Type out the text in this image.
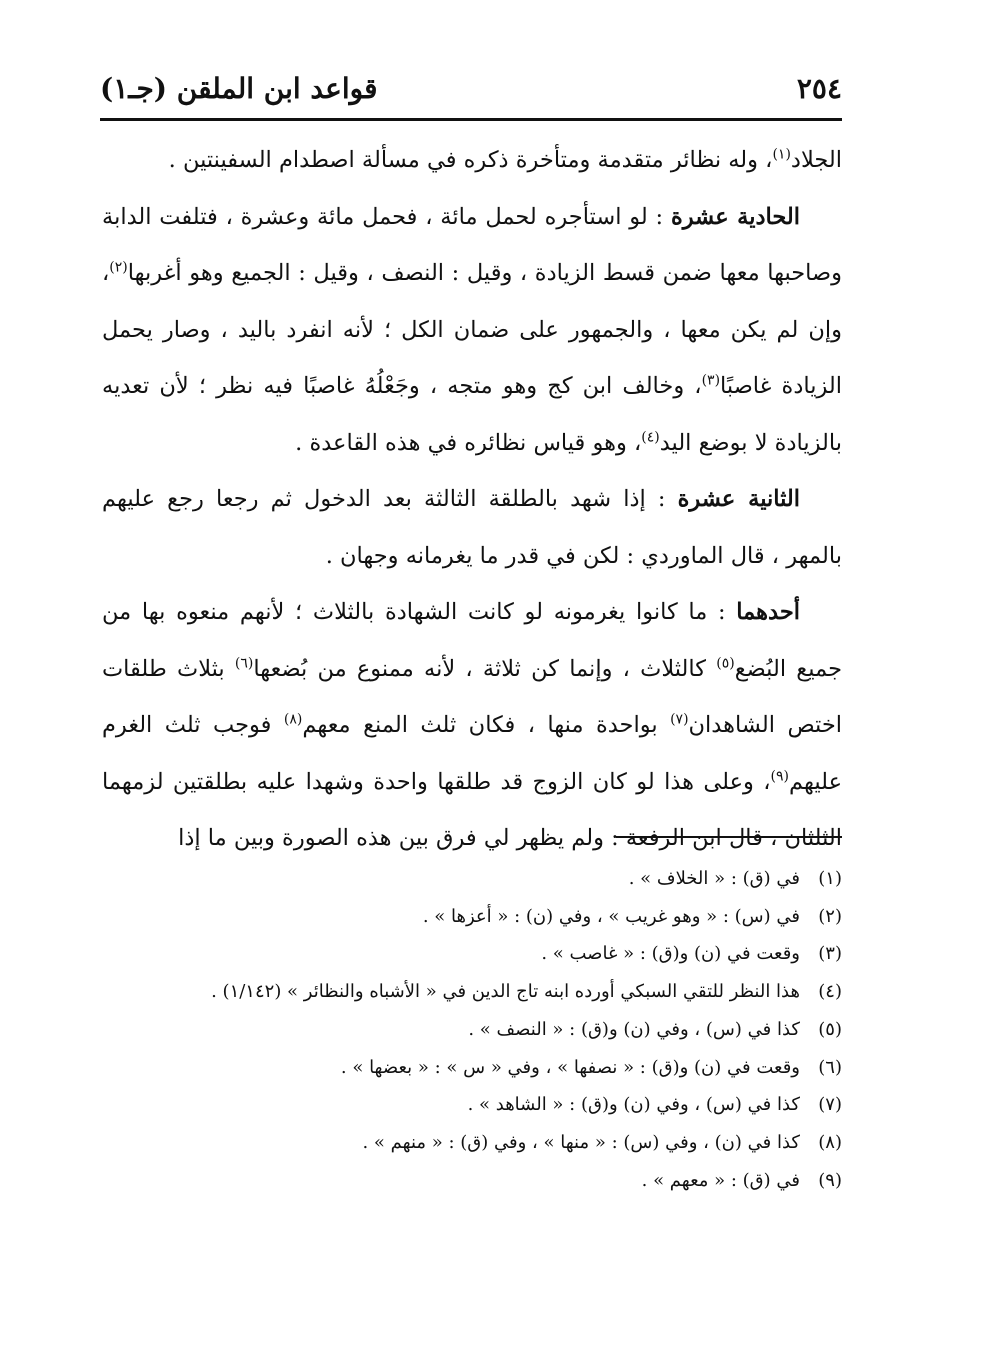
٢٥٤
قواعد ابن الملقن (جـ١)

الجلاد$^{(١)}$، وله نظائر متقدمة ومتأخرة ذكره في مسألة اصطدام السفينتين .

الحادية عشرة : لو استأجره لحمل مائة ، فحمل مائة وعشرة ، فتلفت الدابة وصاحبها معها ضمن قسط الزيادة ، وقيل : النصف ، وقيل : الجميع وهو أغربها$^{(٢)}$، وإن لم يكن معها ، والجمهور على ضمان الكل ؛ لأنه انفرد باليد ، وصار يحمل الزيادة غاصبًا$^{(٣)}$، وخالف ابن كج وهو متجه ، وجَعْلُهُ غاصبًا فيه نظر ؛ لأن تعديه بالزيادة لا بوضع اليد$^{(٤)}$، وهو قياس نظائره في هذه القاعدة .

الثانية عشرة : إذا شهد بالطلقة الثالثة بعد الدخول ثم رجعا رجع عليهم بالمهر ، قال الماوردي : لكن في قدر ما يغرمانه وجهان .

أحدهما : ما كانوا يغرمونه لو كانت الشهادة بالثلاث ؛ لأنهم منعوه بها من جميع البُضع$^{(٥)}$ كالثلاث ، وإنما كن ثلاثة ، لأنه ممنوع من بُضعها$^{(٦)}$ بثلاث طلقات اختص الشاهدان$^{(٧)}$ بواحدة منها ، فكان ثلث المنع معهم$^{(٨)}$ فوجب ثلث الغرم عليهم$^{(٩)}$، وعلى هذا لو كان الزوج قد طلقها واحدة وشهدا عليه بطلقتين لزمهما الثلثان ، قال ابن الرفعة : ولم يظهر لي فرق بين هذه الصورة وبين ما إذا

(١)
في (ق) : « الخلاف » .
(٢)
في (س) : « وهو غريب » ، وفي (ن) : « أعزها » .
(٣)
وقعت في (ن) و(ق) : « غاصب » .
(٤)
هذا النظر للتقي السبكي أورده ابنه تاج الدين في « الأشباه والنظائر » (١/١٤٢) .
(٥)
كذا في (س) ، وفي (ن) و(ق) : « النصف » .
(٦)
وقعت في (ن) و(ق) : « نصفها » ، وفي « س » : « بعضها » .
(٧)
كذا في (س) ، وفي (ن) و(ق) : « الشاهد » .
(٨)
كذا في (ن) ، وفي (س) : « منها » ، وفي (ق) : « منهم » .
(٩)
في (ق) : « معهم » .
